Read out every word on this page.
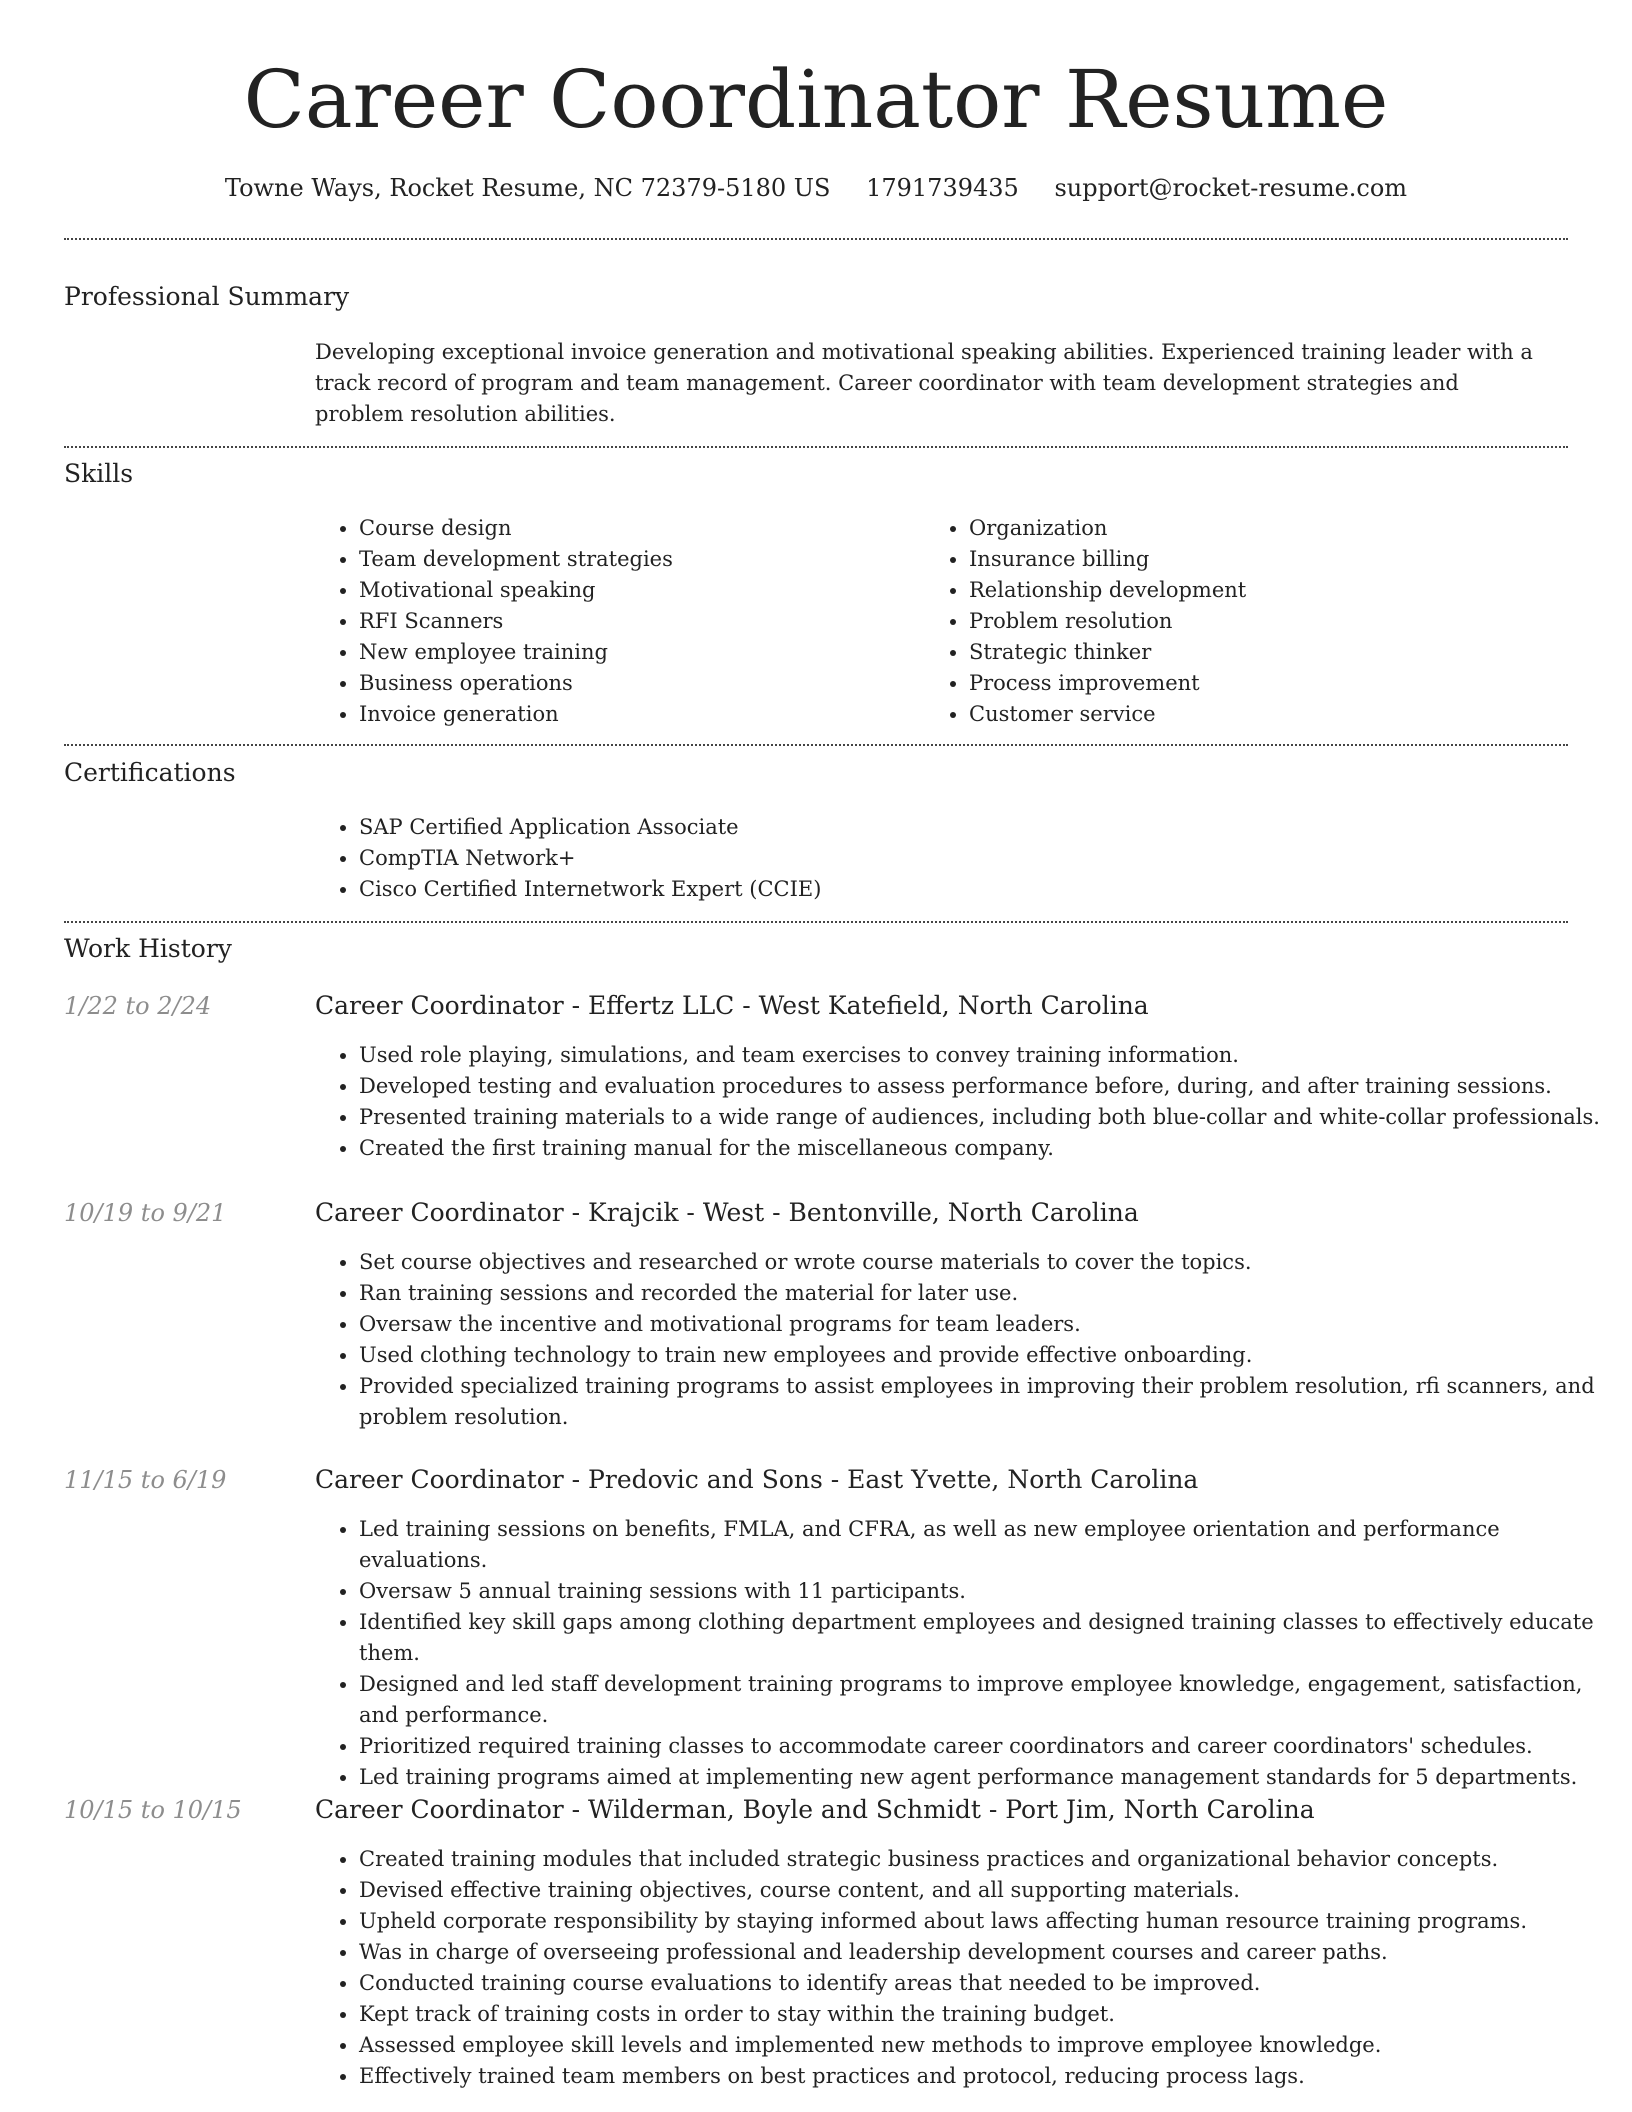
Career Coordinator Resume
Towne Ways, Rocket Resume, NC 72379-5180 US 1791739435 support@rocket-resume.com
Professional Summary

Developing exceptional invoice generation and motivational speaking abilities. Experienced training leader with a track record of program and team management. Career coordinator with team development strategies and problem resolution abilities.

Skills
• Course design
• Team development strategies
• Motivational speaking
• RFI Scanners
• New employee training
• Business operations
• Invoice generation
• Organization
• Insurance billing
• Relationship development
• Problem resolution
• Strategic thinker
• Process improvement
• Customer service
Certifications
• SAP Certified Application Associate
• CompTIA Network+
• Cisco Certified Internetwork Expert (CCIE)
Work History
1/22 to 2/24	Career Coordinator - Effertz LLC - West Katefield, North Carolina
• Used role playing, simulations, and team exercises to convey training information.
• Developed testing and evaluation procedures to assess performance before, during, and after training sessions.
• Presented training materials to a wide range of audiences, including both blue-collar and white-collar professionals.
• Created the first training manual for the miscellaneous company.
10/19 to 9/21	Career Coordinator - Krajcik - West - Bentonville, North Carolina
• Set course objectives and researched or wrote course materials to cover the topics.
• Ran training sessions and recorded the material for later use.
• Oversaw the incentive and motivational programs for team leaders.
• Used clothing technology to train new employees and provide effective onboarding.
• Provided specialized training programs to assist employees in improving their problem resolution, rfi scanners, and problem resolution.
11/15 to 6/19	Career Coordinator - Predovic and Sons - East Yvette, North Carolina
• Led training sessions on benefits, FMLA, and CFRA, as well as new employee orientation and performance evaluations.
• Oversaw 5 annual training sessions with 11 participants.
• Identified key skill gaps among clothing department employees and designed training classes to effectively educate them.
• Designed and led staff development training programs to improve employee knowledge, engagement, satisfaction, and performance.
• Prioritized required training classes to accommodate career coordinators and career coordinators' schedules.
• Led training programs aimed at implementing new agent performance management standards for 5 departments.
10/15 to 10/15	Career Coordinator - Wilderman, Boyle and Schmidt - Port Jim, North Carolina
• Created training modules that included strategic business practices and organizational behavior concepts.
• Devised effective training objectives, course content, and all supporting materials.
• Upheld corporate responsibility by staying informed about laws affecting human resource training programs.
• Was in charge of overseeing professional and leadership development courses and career paths.
• Conducted training course evaluations to identify areas that needed to be improved.
• Kept track of training costs in order to stay within the training budget.
• Assessed employee skill levels and implemented new methods to improve employee knowledge.
• Effectively trained team members on best practices and protocol, reducing process lags.
